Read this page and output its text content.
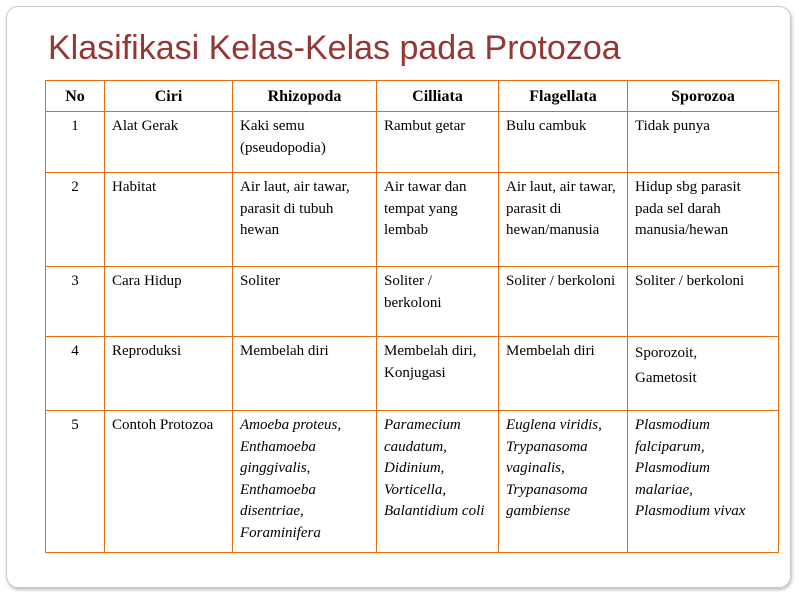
Klasifikasi Kelas-Kelas pada Protozoa
No	Ciri	Rhizopoda	Cilliata	Flagellata	Sporozoa
1	Alat Gerak	Kaki semu (pseudopodia)	Rambut getar	Bulu cambuk	Tidak punya
2	Habitat	Air laut, air tawar, parasit di tubuh hewan	Air tawar dan tempat yang lembab	Air laut, air tawar, parasit di hewan/manusia	Hidup sbg parasit pada sel darah manusia/hewan
3	Cara Hidup	Soliter	Soliter / berkoloni	Soliter / berkoloni	Soliter / berkoloni
4	Reproduksi	Membelah diri	Membelah diri, Konjugasi	Membelah diri	Sporozoit,
Gametosit

5	Contoh Protozoa	Amoeba proteus,
Enthamoeba ginggivalis,
Enthamoeba disentriae,
Foraminifera	Paramecium caudatum,
Didinium,
Vorticella,
Balantidium coli	Euglena viridis,
Trypanasoma vaginalis,
Trypanasoma gambiense	Plasmodium falciparum,
Plasmodium malariae,
Plasmodium vivax
